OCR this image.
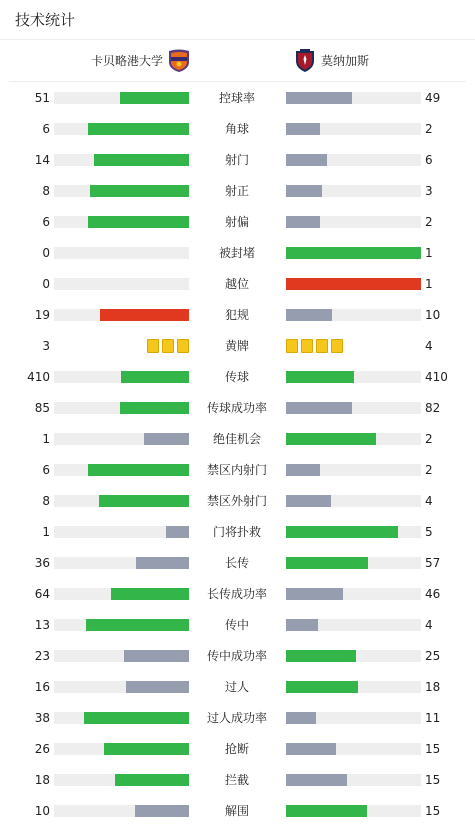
技术统计
卡贝略港大学	莫纳加斯
51	控球率	49
6	角球	2
14	射门	6
8	射正	3
6	射偏	2
0	被封堵	1
0	越位	1
19	犯规	10
3	黄牌	4
410	传球	410
85	传球成功率	82
1	绝佳机会	2
6	禁区内射门	2
8	禁区外射门	4
1	门将扑救	5
36	长传	57
64	长传成功率	46
13	传中	4
23	传中成功率	25
16	过人	18
38	过人成功率	11
26	抢断	15
18	拦截	15
10	解围	15
